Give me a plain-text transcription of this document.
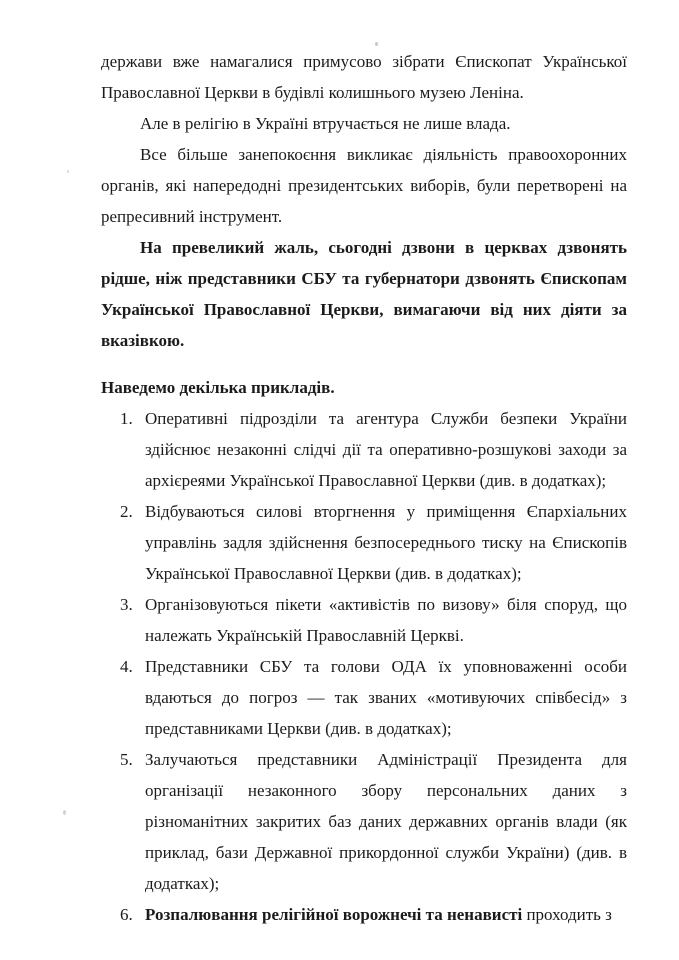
держави вже намагалися примусово зібрати Єпископат Української Православної Церкви в будівлі колишнього музею Леніна.

Але в релігію в Україні втручається не лише влада.

Все більше занепокоєння викликає діяльність правоохоронних органів, які напередодні президентських виборів, були перетворені на репресивний інструмент.

На превеликий жаль, сьогодні дзвони в церквах дзвонять рідше, ніж представники СБУ та губернатори дзвонять Єпископам Української Православної Церкви, вимагаючи від них діяти за вказівкою.

Наведемо декілька прикладів.

1. Оперативні підрозділи та агентура Служби безпеки України здійснює незаконні слідчі дії та оперативно-розшукові заходи за архієреями Української Православної Церкви (див. в додатках);
2. Відбуваються силові вторгнення у приміщення Єпархіальних управлінь задля здійснення безпосереднього тиску на Єпископів Української Православної Церкви (див. в додатках);
3. Організовуються пікети «активістів по визову» біля споруд, що належать Українській Православній Церкві.
4. Представники СБУ та голови ОДА їх уповноваженні особи вдаються до погроз — так званих «мотивуючих співбесід» з представниками Церкви (див. в додатках);
5. Залучаються представники Адміністрації Президента для організації незаконного збору персональних даних з різноманітних закритих баз даних державних органів влади (як приклад, бази Державної прикордонної служби України) (див. в додатках);
6. Розпалювання релігійної ворожнечі та ненависті проходить з
